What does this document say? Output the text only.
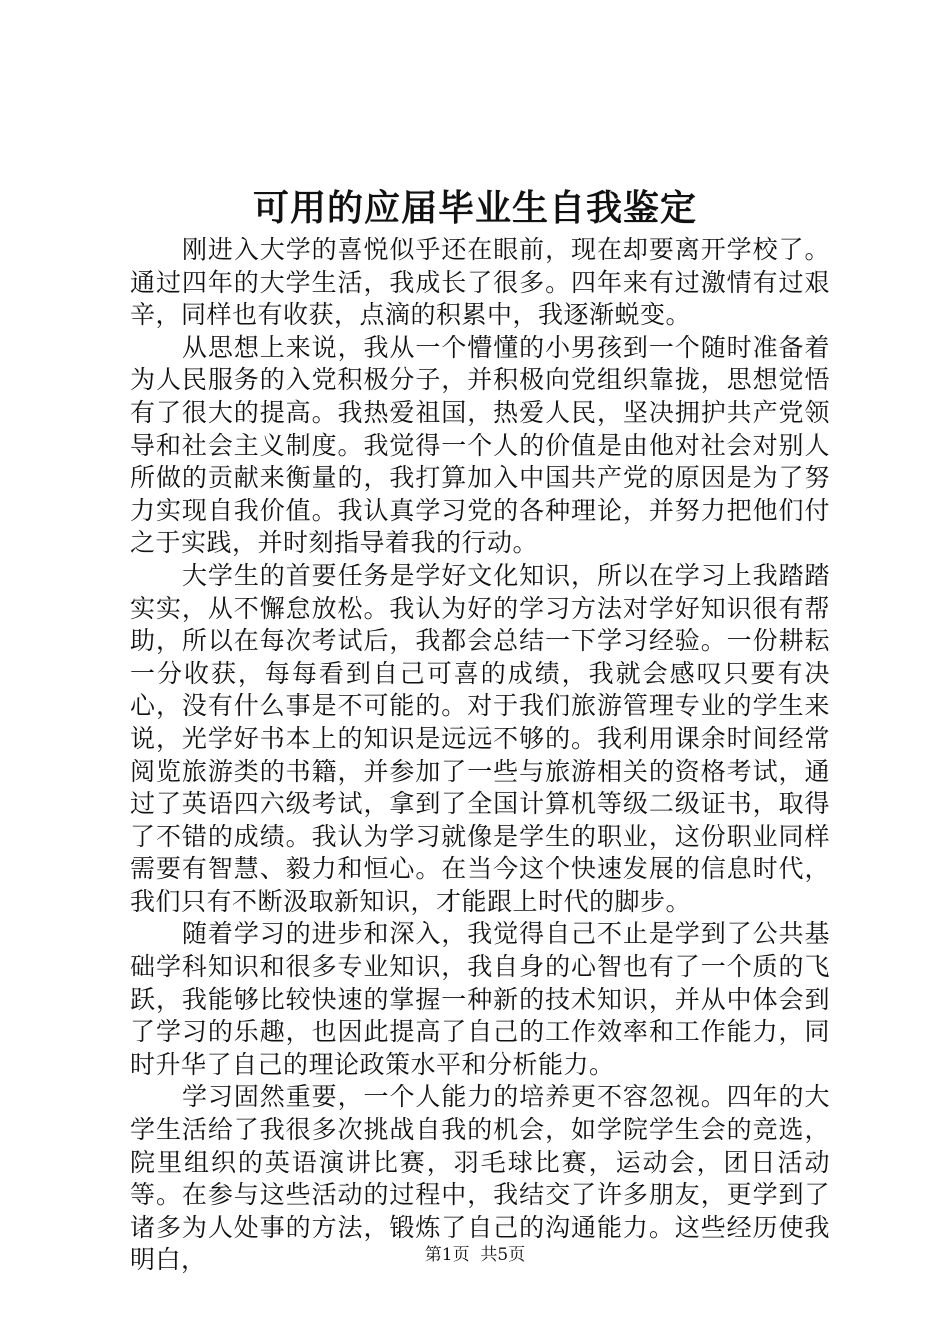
可用的应届毕业生自我鉴定

刚进入大学的喜悦似乎还在眼前，现在却要离开学校了。通过四年的大学生活，我成长了很多。四年来有过激情有过艰辛，同样也有收获，点滴的积累中，我逐渐蜕变。

从思想上来说，我从一个懵懂的小男孩到一个随时准备着为人民服务的入党积极分子，并积极向党组织靠拢，思想觉悟有了很大的提高。我热爱祖国，热爱人民，坚决拥护共产党领导和社会主义制度。我觉得一个人的价值是由他对社会对别人所做的贡献来衡量的，我打算加入中国共产党的原因是为了努力实现自我价值。我认真学习党的各种理论，并努力把他们付之于实践，并时刻指导着我的行动。

大学生的首要任务是学好文化知识，所以在学习上我踏踏实实，从不懈怠放松。我认为好的学习方法对学好知识很有帮助，所以在每次考试后，我都会总结一下学习经验。一份耕耘一分收获，每每看到自己可喜的成绩，我就会感叹只要有决心，没有什么事是不可能的。对于我们旅游管理专业的学生来说，光学好书本上的知识是远远不够的。我利用课余时间经常阅览旅游类的书籍，并参加了一些与旅游相关的资格考试，通过了英语四六级考试，拿到了全国计算机等级二级证书，取得了不错的成绩。我认为学习就像是学生的职业，这份职业同样需要有智慧、毅力和恒心。在当今这个快速发展的信息时代，我们只有不断汲取新知识，才能跟上时代的脚步。

随着学习的进步和深入，我觉得自己不止是学到了公共基础学科知识和很多专业知识，我自身的心智也有了一个质的飞跃，我能够比较快速的掌握一种新的技术知识，并从中体会到了学习的乐趣，也因此提高了自己的工作效率和工作能力，同时升华了自己的理论政策水平和分析能力。

学习固然重要，一个人能力的培养更不容忽视。四年的大学生活给了我很多次挑战自我的机会，如学院学生会的竞选，院里组织的英语演讲比赛，羽毛球比赛，运动会，团日活动等。在参与这些活动的过程中，我结交了许多朋友，更学到了诸多为人处事的方法，锻炼了自己的沟通能力。这些经历使我明白，	第1页  共5页
